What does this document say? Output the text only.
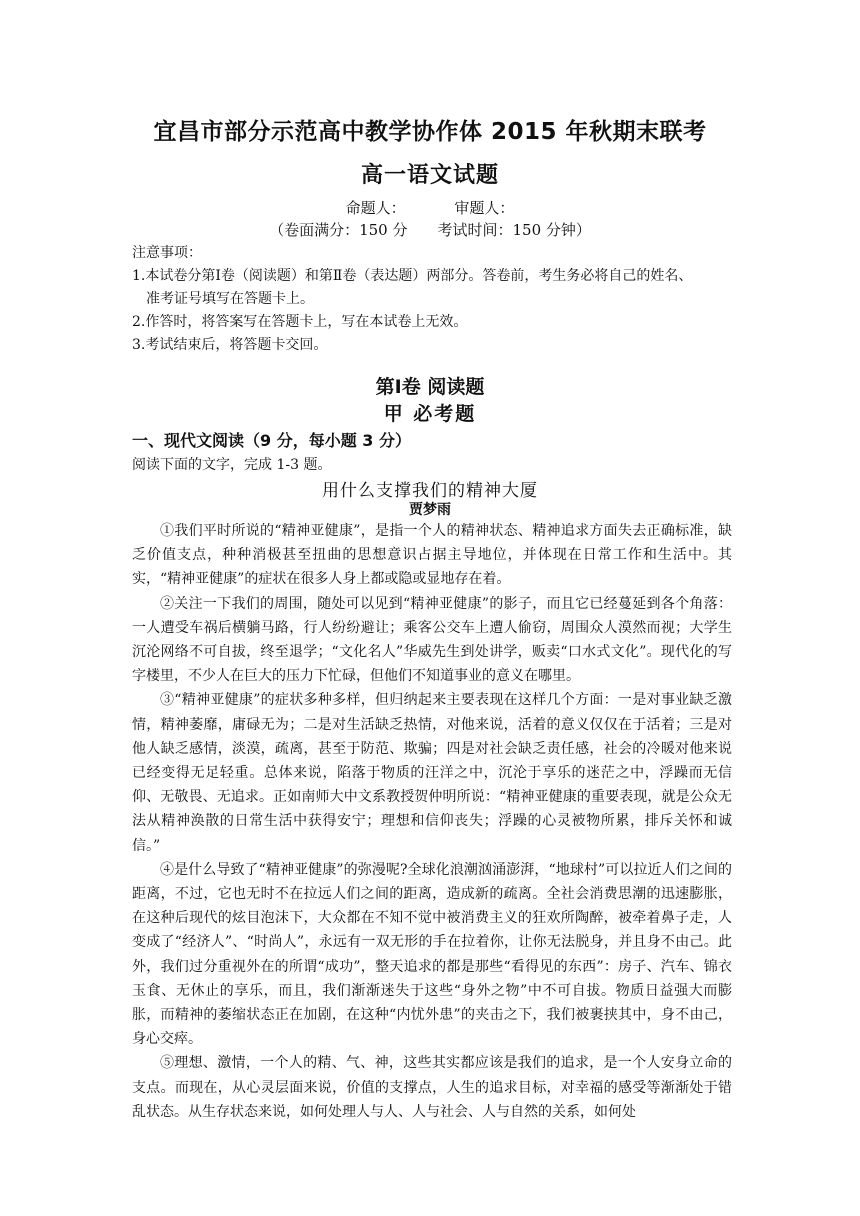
宜昌市部分示范高中教学协作体 2015 年秋期末联考
高一语文试题
命题人：	审题人：
（卷面满分：150 分　　考试时间：150 分钟）
注意事项：
1.本试卷分第Ⅰ卷（阅读题）和第Ⅱ卷（表达题）两部分。答卷前，考生务必将自己的姓名、
准考证号填写在答题卡上。
2.作答时，将答案写在答题卡上，写在本试卷上无效。
3.考试结束后，将答题卡交回。
第Ⅰ卷 阅读题
甲 必考题
一、现代文阅读（9 分，每小题 3 分）
阅读下面的文字，完成 1-3 题。
用什么支撑我们的精神大厦
贾梦雨

①我们平时所说的“精神亚健康”，是指一个人的精神状态、精神追求方面失去正确标准，缺乏价值支点，种种消极甚至扭曲的思想意识占据主导地位，并体现在日常工作和生活中。其实，“精神亚健康”的症状在很多人身上都或隐或显地存在着。

②关注一下我们的周围，随处可以见到“精神亚健康”的影子，而且它已经蔓延到各个角落：一人遭受车祸后横躺马路，行人纷纷避让；乘客公交车上遭人偷窃，周围众人漠然而视；大学生沉沦网络不可自拔，终至退学；“文化名人”华威先生到处讲学，贩卖“口水式文化”。现代化的写字楼里，不少人在巨大的压力下忙碌，但他们不知道事业的意义在哪里。

③“精神亚健康”的症状多种多样，但归纳起来主要表现在这样几个方面：一是对事业缺乏激情，精神萎靡，庸碌无为；二是对生活缺乏热情，对他来说，活着的意义仅仅在于活着；三是对他人缺乏感情，淡漠，疏离，甚至于防范、欺骗；四是对社会缺乏责任感，社会的冷暖对他来说已经变得无足轻重。总体来说，陷落于物质的汪洋之中，沉沦于享乐的迷茫之中，浮躁而无信仰、无敬畏、无追求。正如南师大中文系教授贺仲明所说：“精神亚健康的重要表现，就是公众无法从精神涣散的日常生活中获得安宁；理想和信仰丧失；浮躁的心灵被物所累，排斥关怀和诚信。”

④是什么导致了“精神亚健康”的弥漫呢?全球化浪潮汹涌澎湃，“地球村”可以拉近人们之间的距离，不过，它也无时不在拉远人们之间的距离，造成新的疏离。全社会消费思潮的迅速膨胀，在这种后现代的炫目泡沫下，大众都在不知不觉中被消费主义的狂欢所陶醉，被牵着鼻子走，人变成了“经济人”、“时尚人”，永远有一双无形的手在拉着你，让你无法脱身，并且身不由己。此外，我们过分重视外在的所谓“成功”，整天追求的都是那些“看得见的东西”：房子、汽车、锦衣玉食、无休止的享乐，而且，我们渐渐迷失于这些“身外之物”中不可自拔。物质日益强大而膨胀，而精神的萎缩状态正在加剧，在这种“内忧外患”的夹击之下，我们被裹挟其中，身不由己，身心交瘁。

⑤理想、激情，一个人的精、气、神，这些其实都应该是我们的追求，是一个人安身立命的支点。而现在，从心灵层面来说，价值的支撑点，人生的追求目标，对幸福的感受等渐渐处于错乱状态。从生存状态来说，如何处理人与人、人与社会、人与自然的关系，如何处
